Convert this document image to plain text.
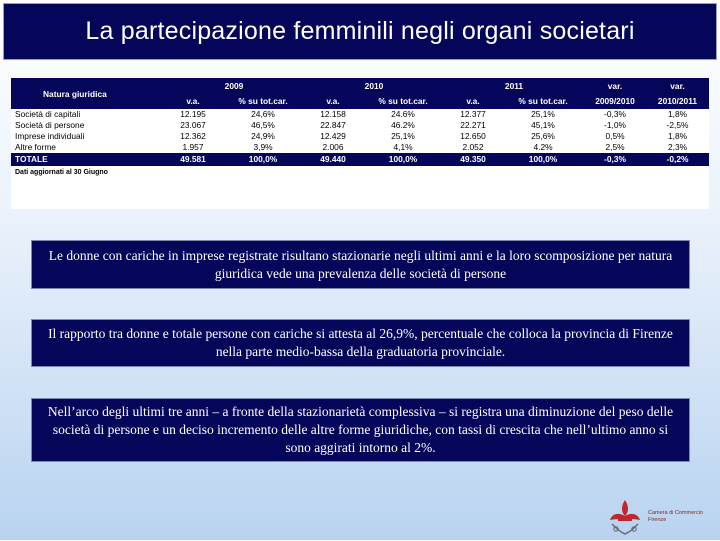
La partecipazione femminili negli organi societari
Natura giuridica	2009		2010		2011		var.	var.
	v.a.	% su tot.car.	v.a.	% su tot.car.	v.a.	% su tot.car.	2009/2010	2010/2011
Società di capitali	12.195	24,6%	12.158	24.6%	12.377	25,1%	-0,3%	1,8%
Società di persone	23.067	46,5%	22.847	46.2%	22.271	45,1%	-1,0%	-2,5%
Imprese individuali	12.362	24,9%	12.429	25,1%	12.650	25,6%	0,5%	1,8%
Altre forme	1.957	3,9%	2.006	4,1%	2.052	4.2%	2,5%	2,3%
TOTALE	49.581	100,0%	49.440	100,0%	49.350	100,0%	-0,3%	-0,2%
Dati aggiornati al 30 Giugno								
Le donne con cariche in imprese registrate risultano stazionarie negli ultimi anni e la loro scomposizione per natura giuridica vede una prevalenza delle società di persone
Il rapporto tra donne e totale persone con cariche si attesta al 26,9%, percentuale che colloca la provincia di Firenze nella parte medio-bassa della graduatoria provinciale.
Nell’arco degli ultimi tre anni – a fronte della stazionarietà complessiva – si registra una diminuzione del peso delle società di persone e un deciso incremento delle altre forme giuridiche, con tassi di crescita che nell’ultimo anno si sono aggirati intorno al 2%.
Camera di Commercio
Firenze
